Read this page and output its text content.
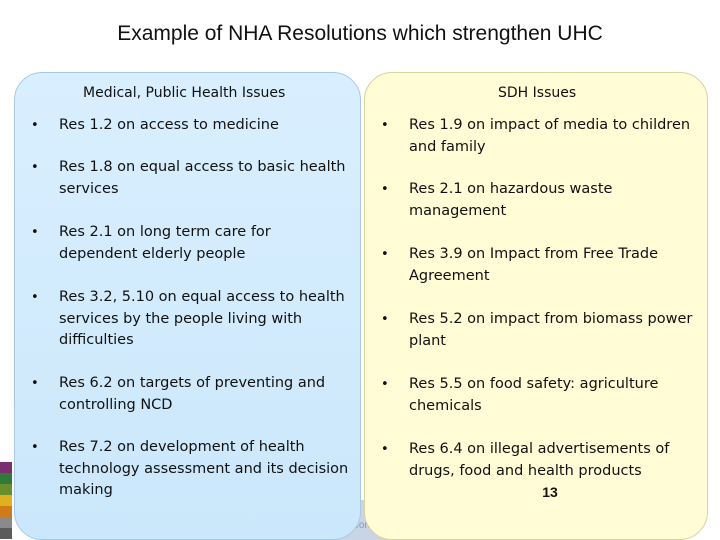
Example of NHA Resolutions which strengthen UHC
Comm
Medical, Public Health Issues
• Res 1.2 on access to medicine
• Res 1.8 on equal access to basic health services
• Res 2.1 on long term care for dependent elderly people
• Res 3.2, 5.10 on equal access to health services by the people living with difficulties
• Res 6.2 on targets of preventing and controlling NCD
• Res 7.2 on development of health technology assessment and its decision making
SDH Issues
• Res 1.9 on impact of media to children and family
• Res 2.1 on hazardous waste management
• Res 3.9 on Impact from Free Trade Agreement
• Res 5.2 on impact from biomass power plant
• Res 5.5 on food safety: agriculture chemicals
• Res 6.4 on illegal advertisements of drugs, food and health products
13
